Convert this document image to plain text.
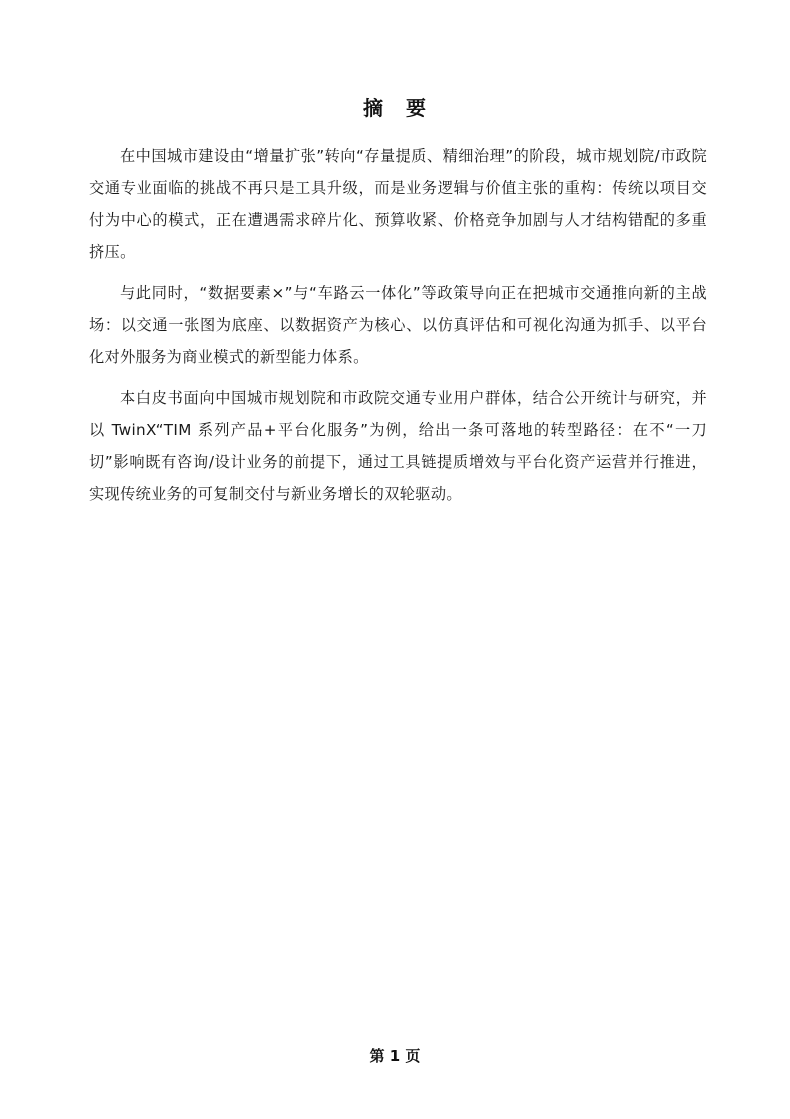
摘 要

在中国城市建设由“增量扩张”转向“存量提质、精细治理”的阶段，城市规划院/市政院交通专业面临的挑战不再只是工具升级，而是业务逻辑与价值主张的重构：传统以项目交付为中心的模式，正在遭遇需求碎片化、预算收紧、价格竞争加剧与人才结构错配的多重挤压。

与此同时，“数据要素×”与“车路云一体化”等政策导向正在把城市交通推向新的主战场：以交通一张图为底座、以数据资产为核心、以仿真评估和可视化沟通为抓手、以平台化对外服务为商业模式的新型能力体系。

本白皮书面向中国城市规划院和市政院交通专业用户群体，结合公开统计与研究，并以 TwinX“TIM 系列产品+平台化服务”为例，给出一条可落地的转型路径：在不“一刀切”影响既有咨询/设计业务的前提下，通过工具链提质增效与平台化资产运营并行推进，实现传统业务的可复制交付与新业务增长的双轮驱动。

第 1 页
